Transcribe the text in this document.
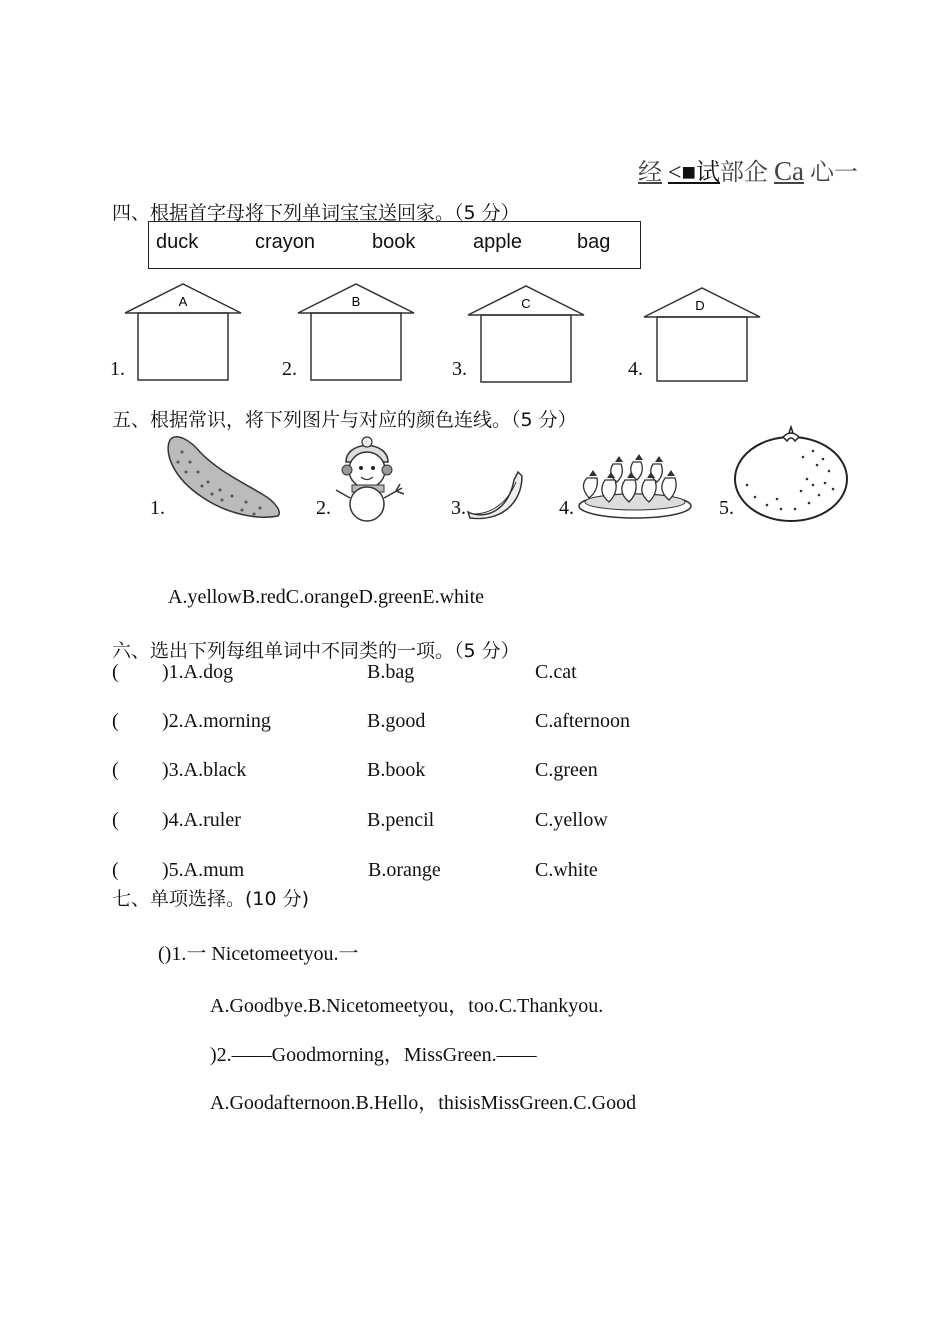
经 <■试部企 Ca 心一
四、根据首字母将下列单词宝宝送回家。（5 分）
duck	crayon	book	apple	bag
1.
A
2.
B
3.
C
4.
D
五、根据常识，将下列图片与对应的颜色连线。（5 分）
1.	2.	3.	4.	5.
A.yellowB.redC.orangeD.greenE.white
六、选出下列每组单词中不同类的一项。（5 分）
( )1.A.dog	B.bag	C.cat
( )2.A.morning	B.good	C.afternoon
( )3.A.black	B.book	C.green
( )4.A.ruler	B.pencil	C.yellow
( )5.A.mum	B.orange	C.white
七、单项选择。(10 分)
()1.一 Nicetomeetyou.一
A.Goodbye.B.Nicetomeetyou，too.C.Thankyou.
)2.——Goodmorning，MissGreen.——
A.Goodafternoon.B.Hello，thisisMissGreen.C.Good
